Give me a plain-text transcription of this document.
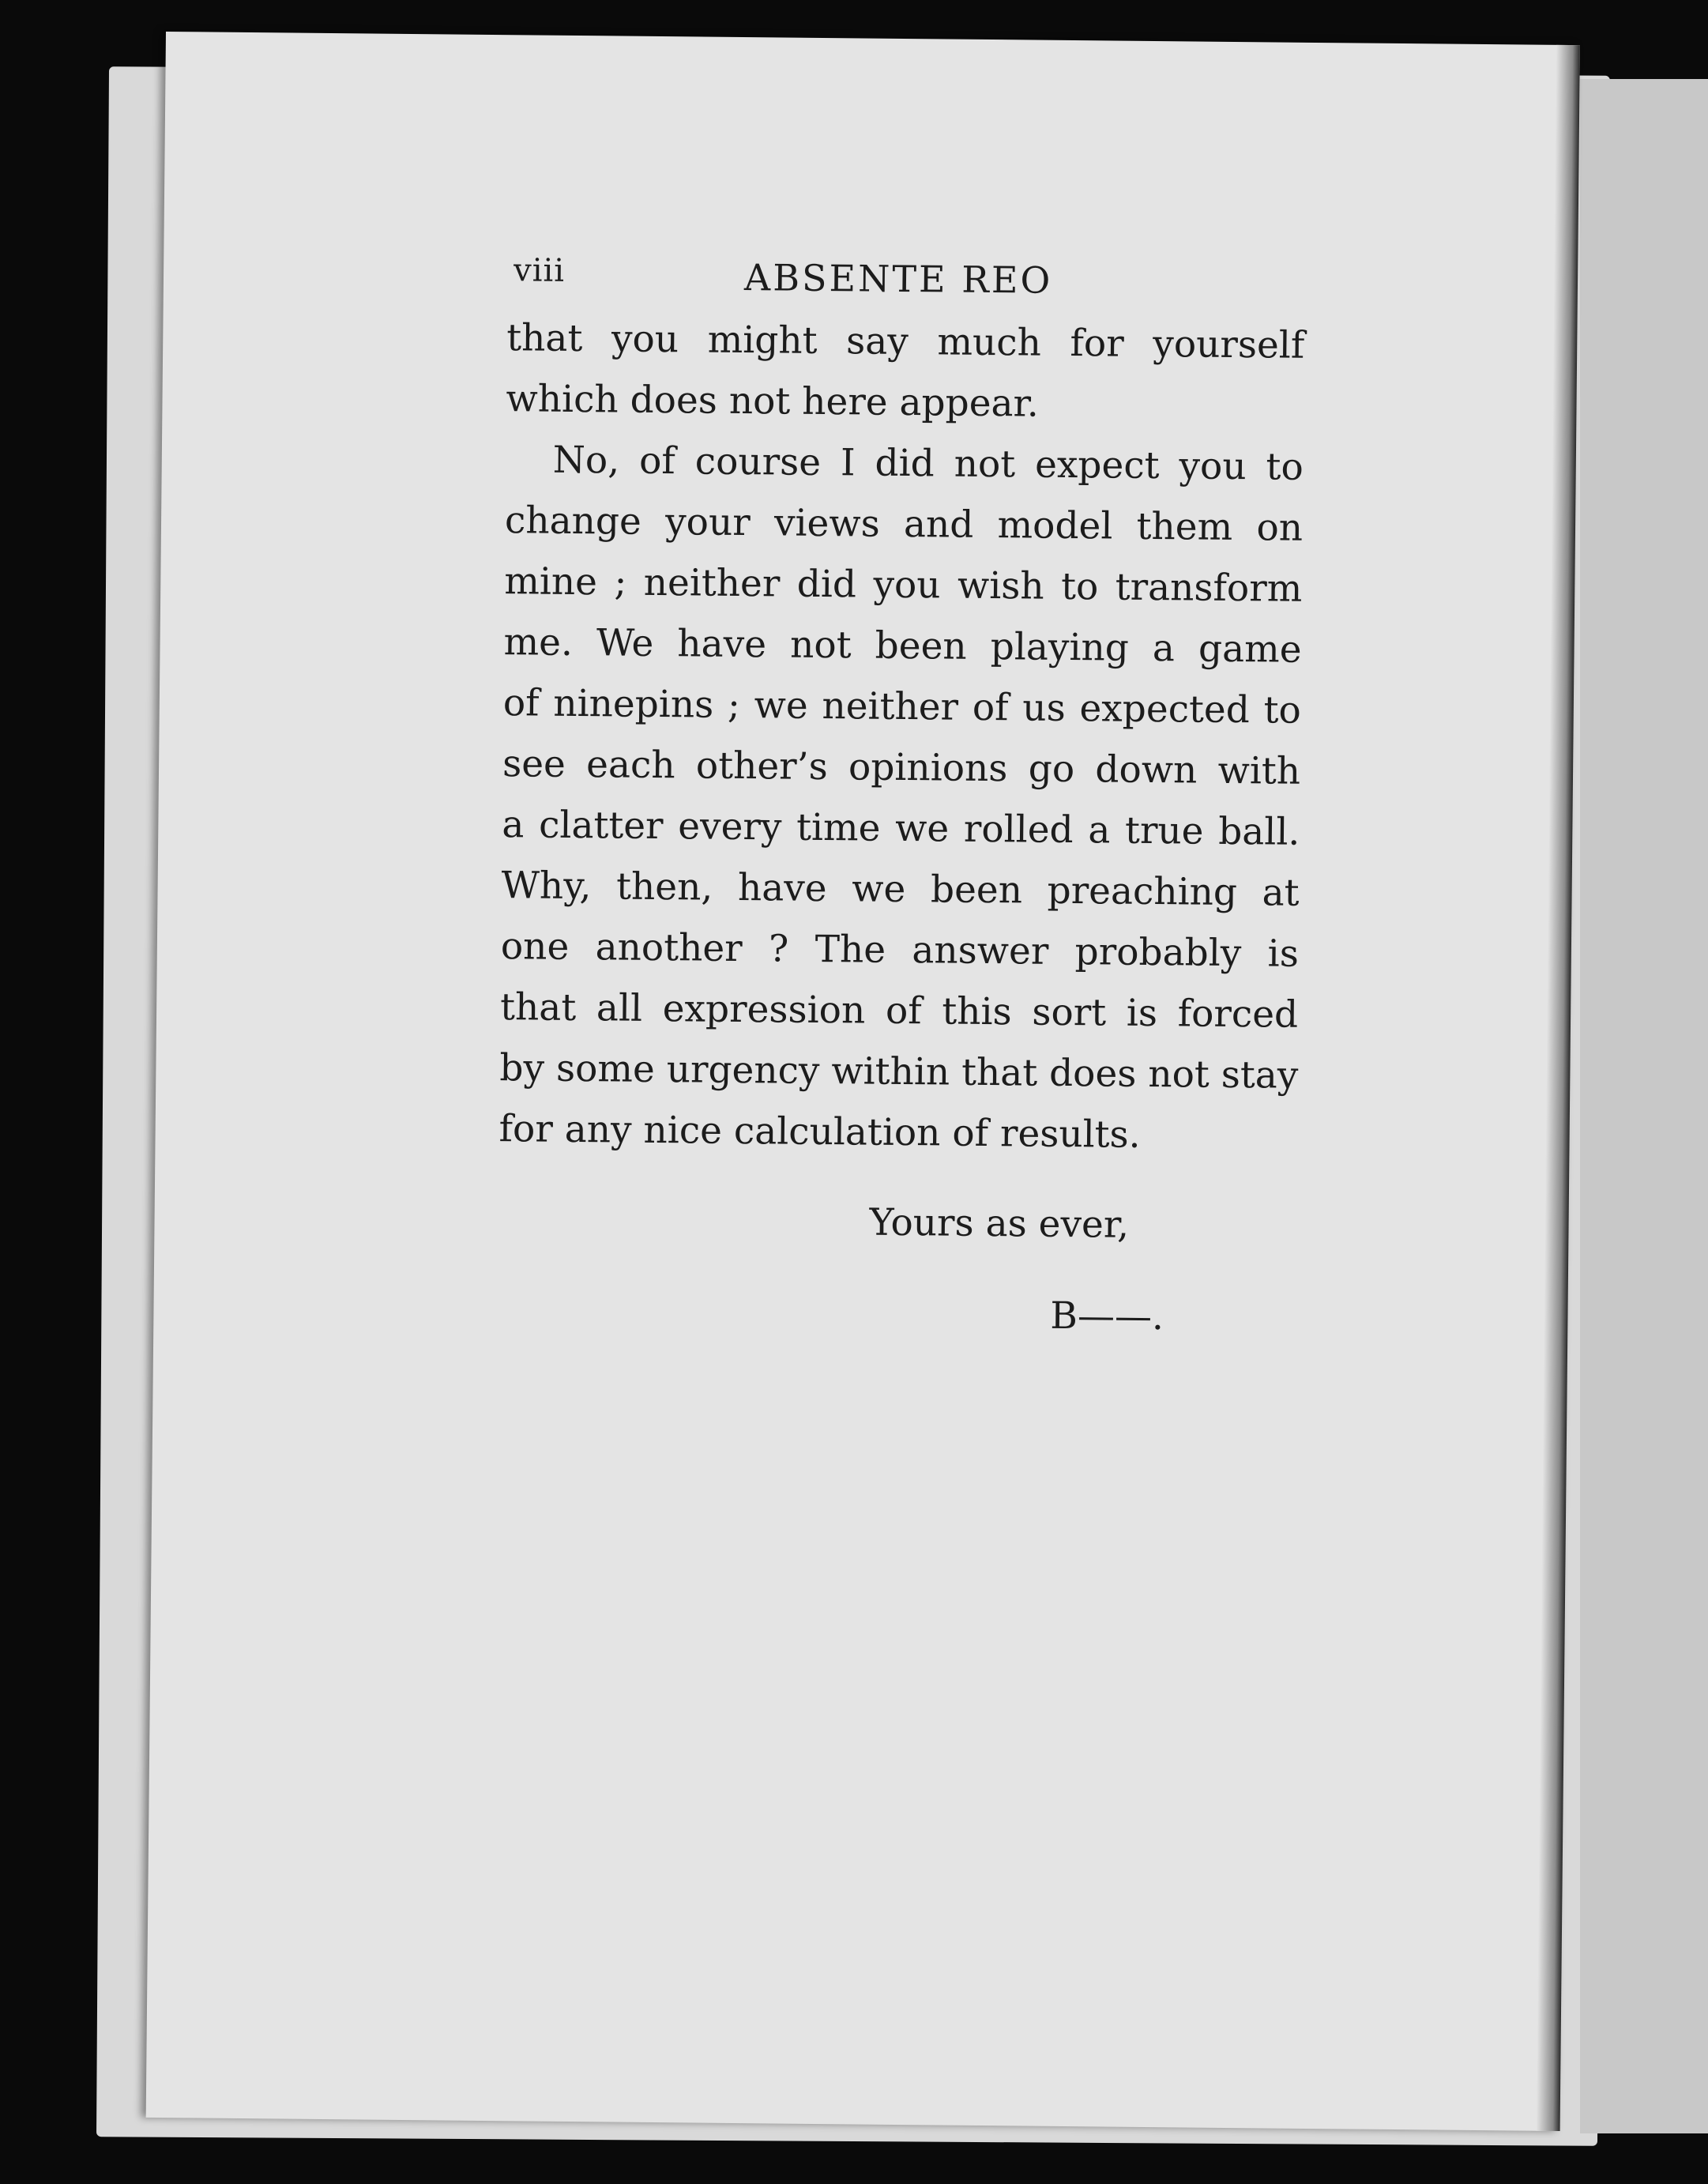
viii	ABSENTE REO
that you might say much for yourself
which does not here appear.
No, of course I did not expect you to
change your views and model them on
mine ; neither did you wish to transform
me. We have not been playing a game
of ninepins ; we neither of us expected to
see each other’s opinions go down with
a clatter every time we rolled a true ball.
Why, then, have we been preaching at
one another ? The answer probably is
that all expression of this sort is forced
by some urgency within that does not stay
for any nice calculation of results.
Yours as ever,
B——.
